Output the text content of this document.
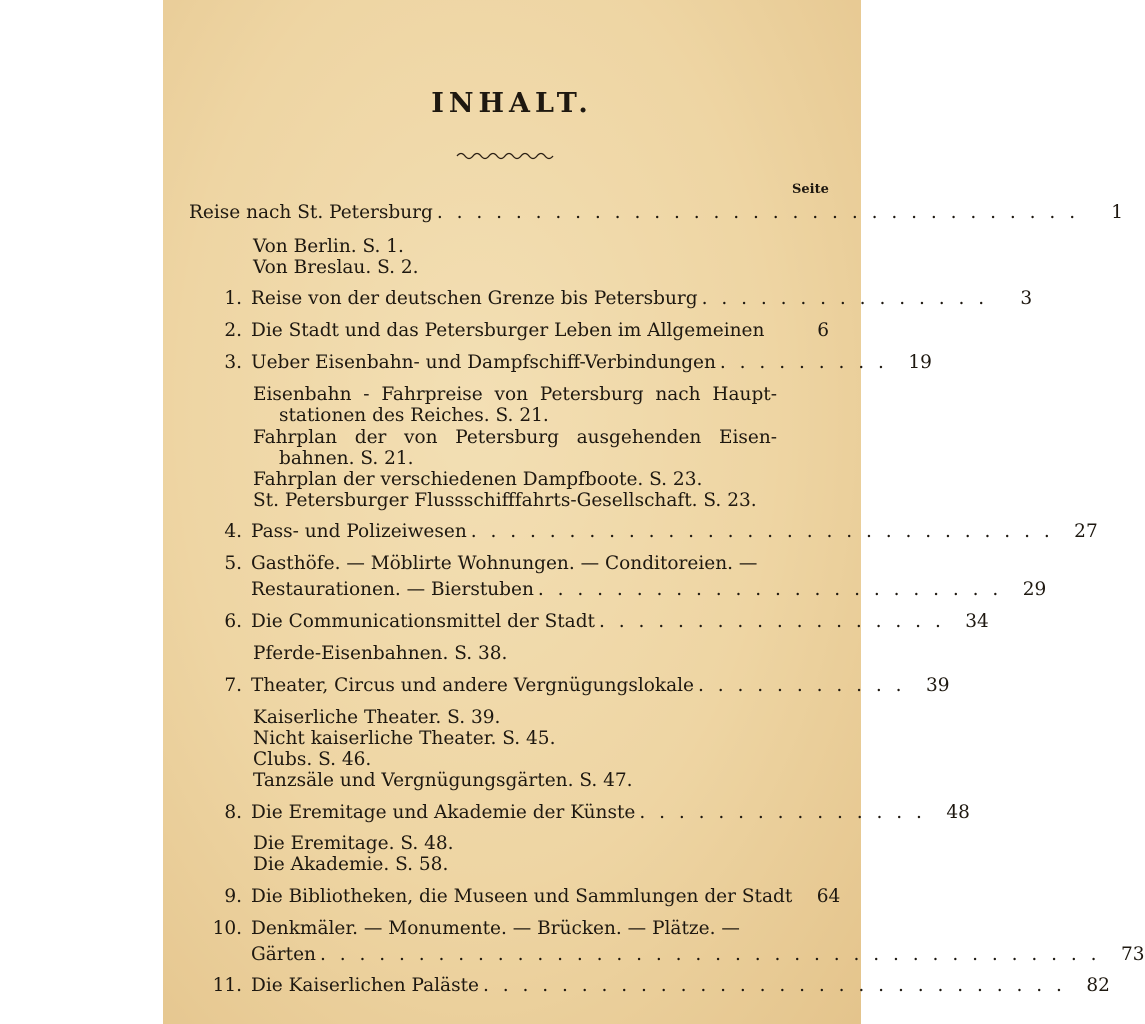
INHALT.
Seite
Reise nach St. Petersburg . . . . . . . . . . . . . . . . . . . . . . . . . . . . . . . . .	1
Von Berlin. S. 1.
Von Breslau. S. 2.
1. Reise von der deutschen Grenze bis Petersburg . . . . . . . . . . . . . . .	3
2. Die Stadt und das Petersburger Leben im Allgemeinen	6
3. Ueber Eisenbahn- und Dampfschiff-Verbindungen . . . . . . . . .	19
Eisenbahn - Fahrpreise von Petersburg nach Haupt-
stationen des Reiches. S. 21.
Fahrplan der von Petersburg ausgehenden Eisen-
bahnen. S. 21.
Fahrplan der verschiedenen Dampfboote. S. 23.
St. Petersburger Flussschifffahrts-Gesellschaft. S. 23.
4. Pass- und Polizeiwesen . . . . . . . . . . . . . . . . . . . . . . . . . . . . . .	27
5. Gasthöfe. — Möblirte Wohnungen. — Conditoreien. —
Restaurationen. — Bierstuben . . . . . . . . . . . . . . . . . . . . . . . .	29
6. Die Communicationsmittel der Stadt . . . . . . . . . . . . . . . . . .	34
Pferde-Eisenbahnen. S. 38.
7. Theater, Circus und andere Vergnügungslokale . . . . . . . . . . .	39
Kaiserliche Theater. S. 39.
Nicht kaiserliche Theater. S. 45.
Clubs. S. 46.
Tanzsäle und Vergnügungsgärten. S. 47.
8. Die Eremitage und Akademie der Künste . . . . . . . . . . . . . . .	48
Die Eremitage. S. 48.
Die Akademie. S. 58.
9. Die Bibliotheken, die Museen und Sammlungen der Stadt	64
10. Denkmäler. — Monumente. — Brücken. — Plätze. —
Gärten . . . . . . . . . . . . . . . . . . . . . . . . . . . . . . . . . . . . . . . .	73
11. Die Kaiserlichen Paläste . . . . . . . . . . . . . . . . . . . . . . . . . . . . . .	82
